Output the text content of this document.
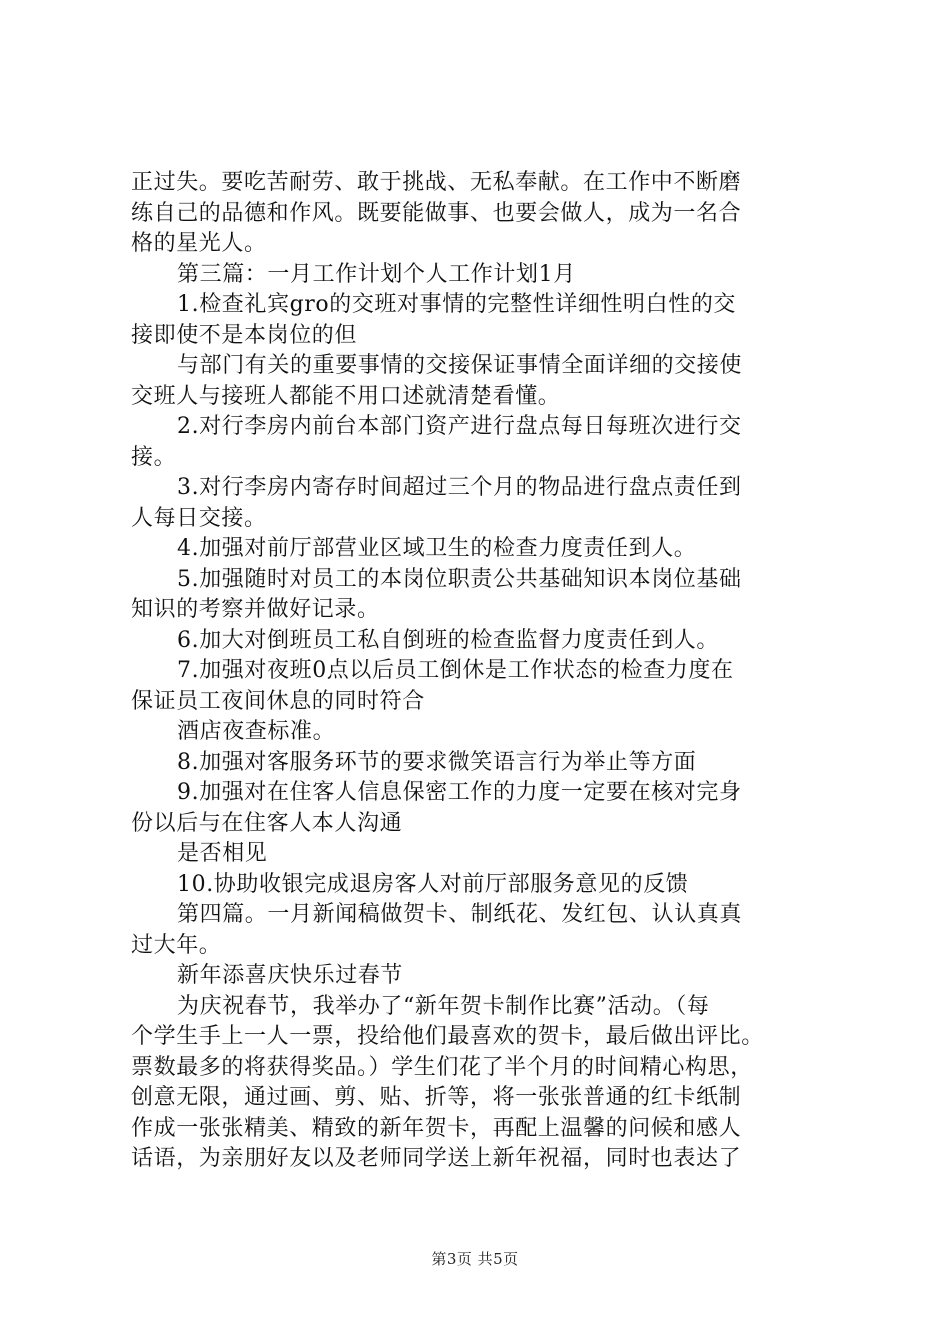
正过失。要吃苦耐劳、敢于挑战、无私奉献。在工作中不断磨
练自己的品德和作风。既要能做事、也要会做人，成为一名合
格的星光人。
第三篇：一月工作计划个人工作计划1月
1.检查礼宾gro的交班对事情的完整性详细性明白性的交
接即使不是本岗位的但
与部门有关的重要事情的交接保证事情全面详细的交接使
交班人与接班人都能不用口述就清楚看懂。
2.对行李房内前台本部门资产进行盘点每日每班次进行交
接。
3.对行李房内寄存时间超过三个月的物品进行盘点责任到
人每日交接。
4.加强对前厅部营业区域卫生的检查力度责任到人。
5.加强随时对员工的本岗位职责公共基础知识本岗位基础
知识的考察并做好记录。
6.加大对倒班员工私自倒班的检查监督力度责任到人。
7.加强对夜班0点以后员工倒休是工作状态的检查力度在
保证员工夜间休息的同时符合
酒店夜查标准。
8.加强对客服务环节的要求微笑语言行为举止等方面
9.加强对在住客人信息保密工作的力度一定要在核对完身
份以后与在住客人本人沟通
是否相见
10.协助收银完成退房客人对前厅部服务意见的反馈
第四篇。一月新闻稿做贺卡、制纸花、发红包、认认真真
过大年。
新年添喜庆快乐过春节
为庆祝春节，我举办了“新年贺卡制作比赛”活动。（每
个学生手上一人一票，投给他们最喜欢的贺卡，最后做出评比。
票数最多的将获得奖品。）学生们花了半个月的时间精心构思，
创意无限，通过画、剪、贴、折等，将一张张普通的红卡纸制
作成一张张精美、精致的新年贺卡，再配上温馨的问候和感人
话语，为亲朋好友以及老师同学送上新年祝福，同时也表达了
第3页 共5页
